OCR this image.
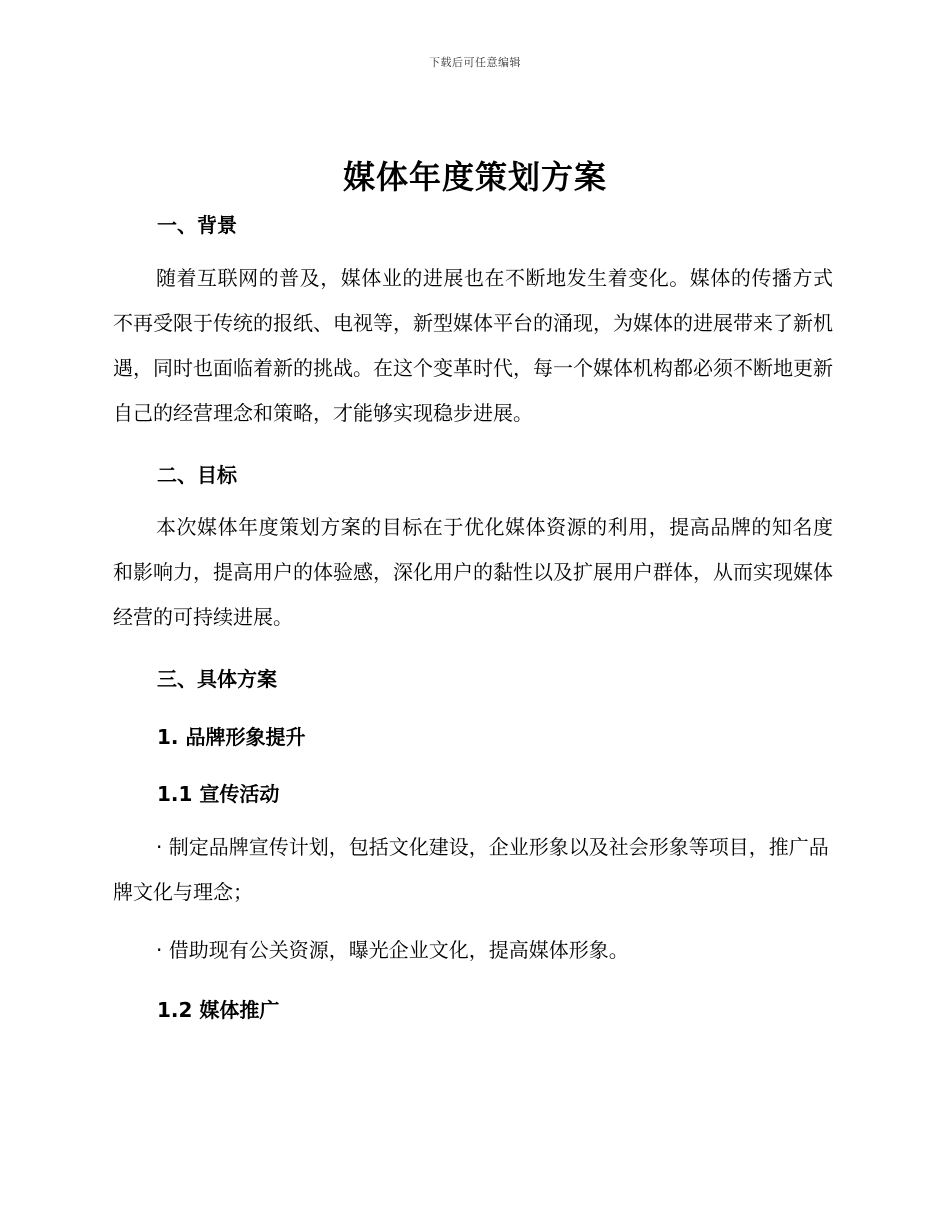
下载后可任意编辑
媒体年度策划方案
一、背景

随着互联网的普及，媒体业的进展也在不断地发生着变化。媒体的传播方式不再受限于传统的报纸、电视等，新型媒体平台的涌现，为媒体的进展带来了新机遇，同时也面临着新的挑战。在这个变革时代，每一个媒体机构都必须不断地更新自己的经营理念和策略，才能够实现稳步进展。

二、目标

本次媒体年度策划方案的目标在于优化媒体资源的利用，提高品牌的知名度和影响力，提高用户的体验感，深化用户的黏性以及扩展用户群体，从而实现媒体经营的可持续进展。

三、具体方案
1. 品牌形象提升
1.1 宣传活动

· 制定品牌宣传计划，包括文化建设，企业形象以及社会形象等项目，推广品牌文化与理念；

· 借助现有公关资源，曝光企业文化，提高媒体形象。

1.2 媒体推广
